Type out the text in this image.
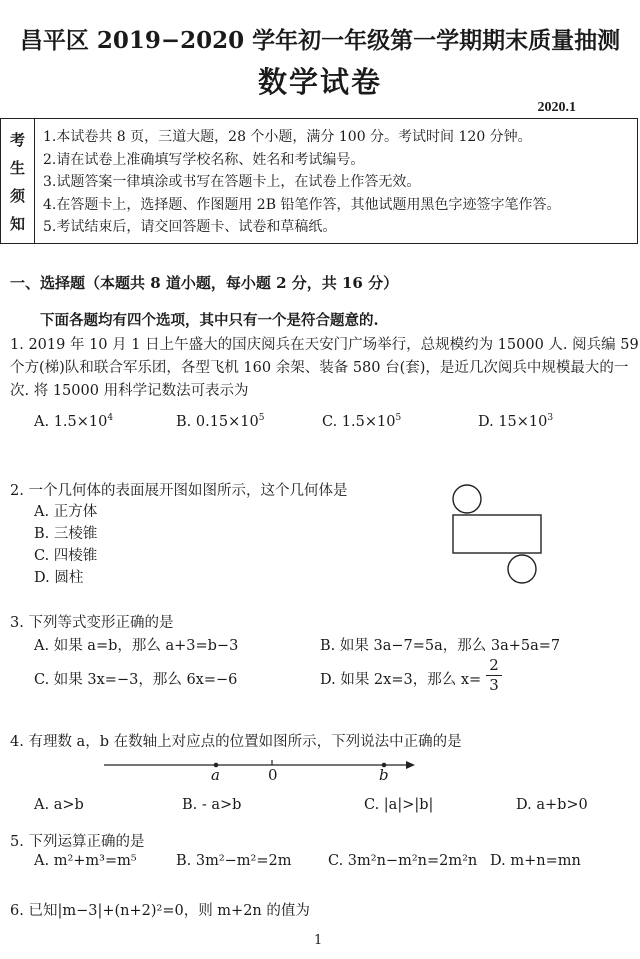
昌平区 2019−2020 学年初一年级第一学期期末质量抽测
数学试卷
2020.1
考
生
须
知
1.本试卷共 8 页，三道大题，28 个小题，满分 100 分。考试时间 120 分钟。
2.请在试卷上准确填写学校名称、姓名和考试编号。
3.试题答案一律填涂或书写在答题卡上，在试卷上作答无效。
4.在答题卡上，选择题、作图题用 2B 铅笔作答，其他试题用黑色字迹签字笔作答。
5.考试结束后，请交回答题卡、试卷和草稿纸。
一、选择题（本题共 8 道小题，每小题 2 分，共 16 分）
下面各题均有四个选项，其中只有一个是符合题意的.
1. 2019 年 10 月 1 日上午盛大的国庆阅兵在天安门广场举行，总规模约为 15000 人. 阅兵编 59
个方(梯)队和联合军乐团，各型飞机 160 余架、装备 580 台(套)，是近几次阅兵中规模最大的一
次. 将 15000 用科学记数法可表示为
A. $1.5\times 10^4$	B. $0.15\times 10^5$	C. $1.5\times 10^5$	D. $15\times 10^3$
2. 一个几何体的表面展开图如图所示，这个几何体是
A. 正方体
B. 三棱锥
C. 四棱锥
D. 圆柱
3. 下列等式变形正确的是
A. 如果 a=b，那么 a+3=b−3	B. 如果 3a−7=5a，那么 3a+5a=7
C. 如果 3x=−3，那么 6x=−6	D. 如果 2x=3，那么 $x= \frac{2}{3}$
4. 有理数 a，b 在数轴上对应点的位置如图所示，下列说法中正确的是
a	0	b
A. a>b	B. - a>b	C. |a|>|b|	D. a+b>0
5. 下列运算正确的是
A. m²+m³=m⁵	B. 3m²−m²=2m	C. 3m²n−m²n=2m²n D. m+n=mn
6. 已知|m−3|+(n+2)²=0，则 m+2n 的值为
1
